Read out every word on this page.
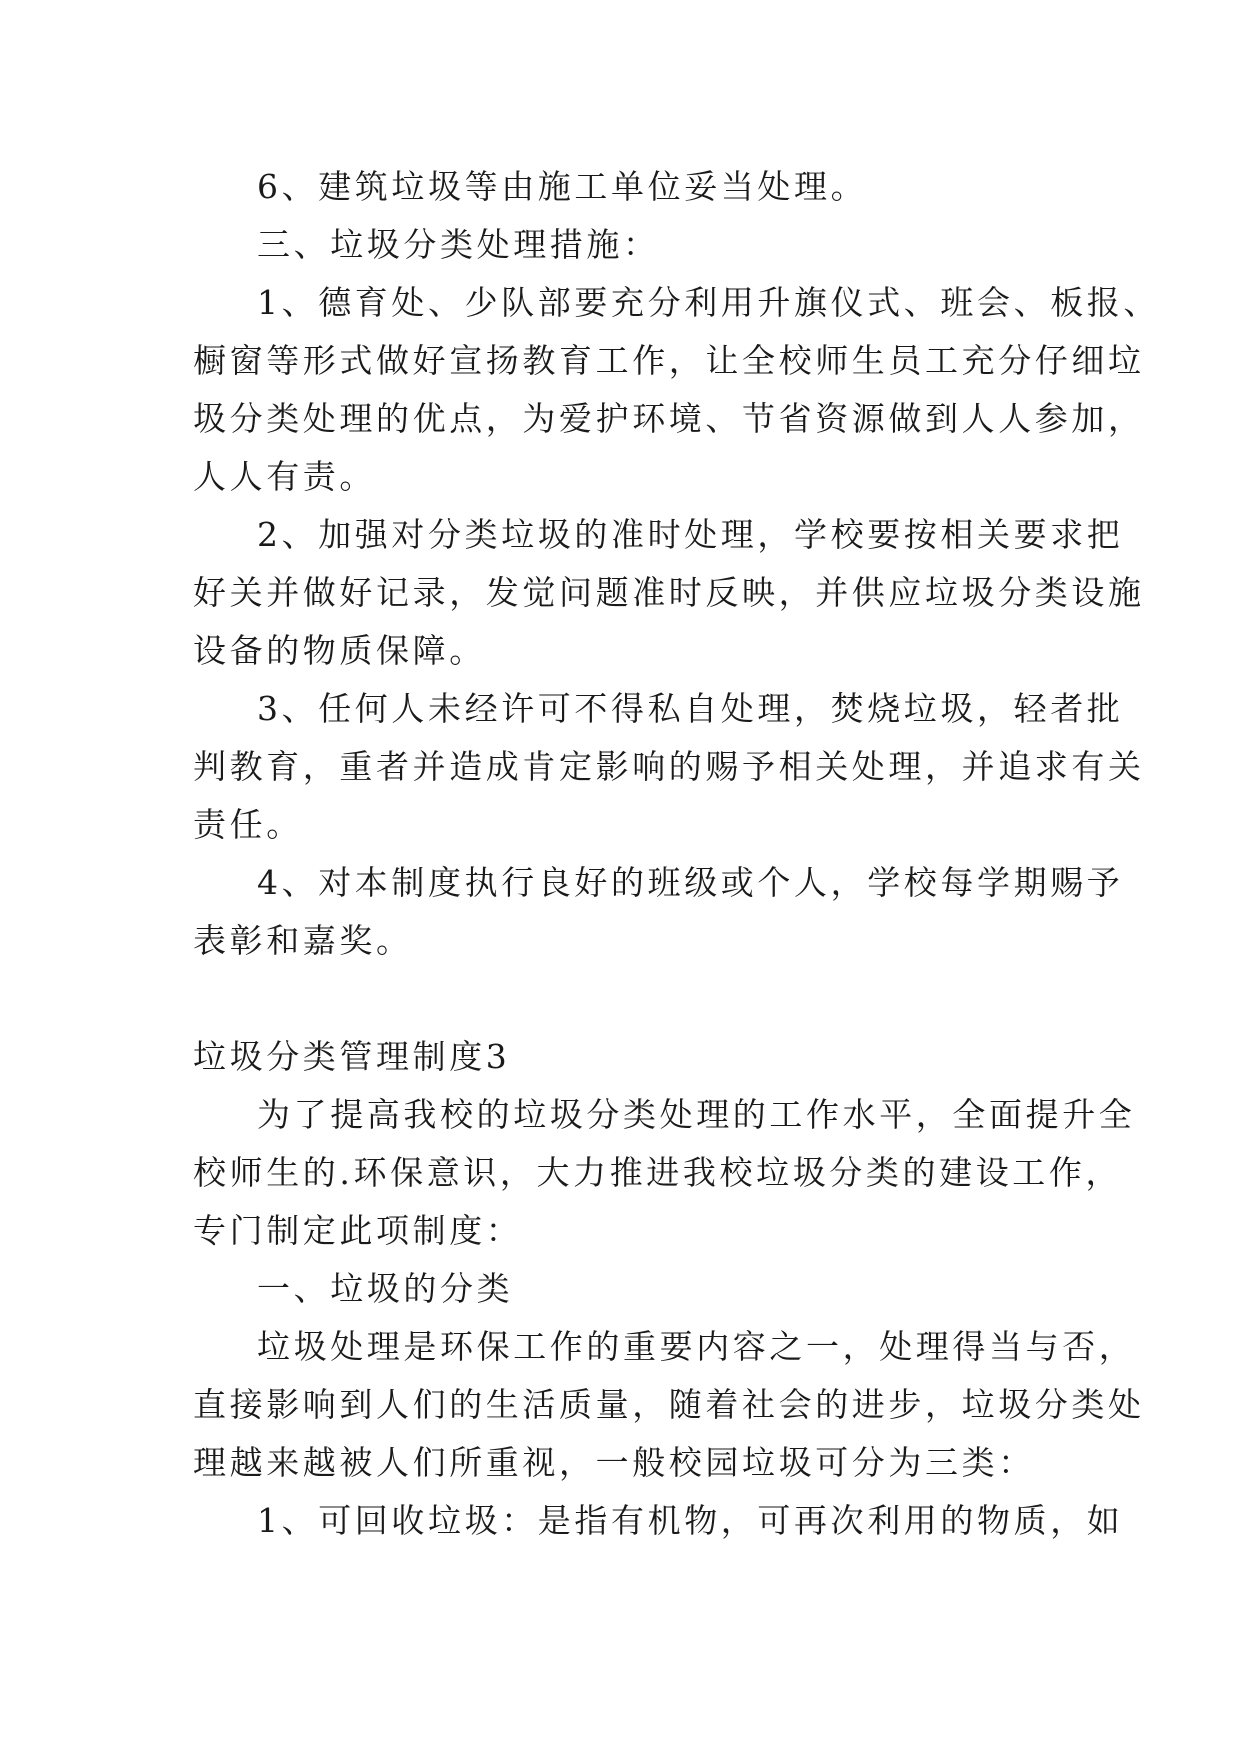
6、建筑垃圾等由施工单位妥当处理。
三、垃圾分类处理措施：
1、德育处、少队部要充分利用升旗仪式、班会、板报、
橱窗等形式做好宣扬教育工作，让全校师生员工充分仔细垃
圾分类处理的优点，为爱护环境、节省资源做到人人参加，
人人有责。
2、加强对分类垃圾的准时处理，学校要按相关要求把
好关并做好记录，发觉问题准时反映，并供应垃圾分类设施
设备的物质保障。
3、任何人未经许可不得私自处理，焚烧垃圾，轻者批
判教育，重者并造成肯定影响的赐予相关处理，并追求有关
责任。
4、对本制度执行良好的班级或个人，学校每学期赐予
表彰和嘉奖。
垃圾分类管理制度3
为了提高我校的垃圾分类处理的工作水平，全面提升全
校师生的.环保意识，大力推进我校垃圾分类的建设工作，
专门制定此项制度：
一、垃圾的分类
垃圾处理是环保工作的重要内容之一，处理得当与否，
直接影响到人们的生活质量，随着社会的进步，垃圾分类处
理越来越被人们所重视，一般校园垃圾可分为三类：
1、可回收垃圾：是指有机物，可再次利用的物质，如
